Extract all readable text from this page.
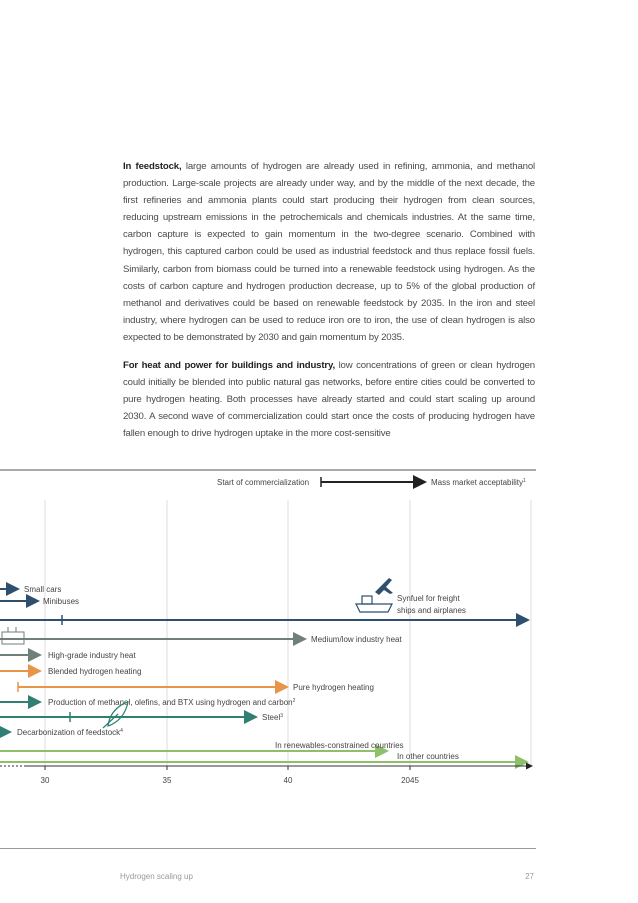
In feedstock, large amounts of hydrogen are already used in refining, ammonia, and methanol production. Large-scale projects are already under way, and by the middle of the next decade, the first refineries and ammonia plants could start producing their hydrogen from clean sources, reducing upstream emissions in the petrochemicals and chemicals industries. At the same time, carbon capture is expected to gain momentum in the two-degree scenario. Combined with hydrogen, this captured carbon could be used as industrial feedstock and thus replace fossil fuels. Similarly, carbon from biomass could be turned into a renewable feedstock using hydrogen. As the costs of carbon capture and hydrogen production decrease, up to 5% of the global production of methanol and derivatives could be based on renewable feedstock by 2035. In the iron and steel industry, where hydrogen can be used to reduce iron ore to iron, the use of clean hydrogen is also expected to be demonstrated by 2030 and gain momentum by 2035.
For heat and power for buildings and industry, low concentrations of green or clean hydrogen could initially be blended into public natural gas networks, before entire cities could be converted to pure hydrogen heating. Both processes have already started and could start scaling up around 2030. A second wave of commercialization could start once the costs of producing hydrogen have fallen enough to drive hydrogen uptake in the more cost-sensitive
Start of commercialization	Mass market acceptability$^1$
Small cars
Minibuses	Synfuel for freight
ships and airplanes
Medium/low industry heat
High-grade industry heat
Blended hydrogen heating
Pure hydrogen heating
Production of methanol, olefins, and BTX using hydrogen and carbon$^2$
Steel$^3$
Decarbonization of feedstock$^4$
In renewables-constrained countries
In other countries
30	35	40	2045
Hydrogen scaling up	27
